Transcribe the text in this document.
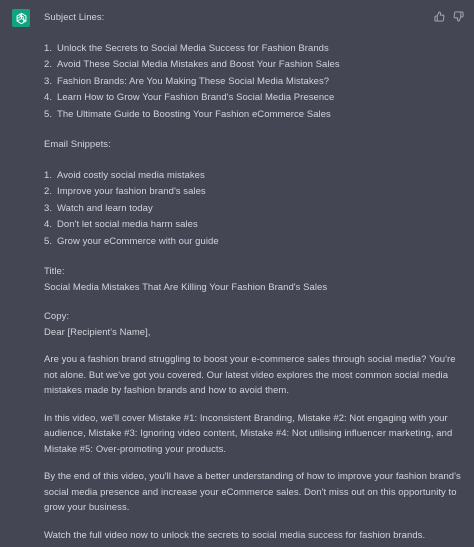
Subject Lines:

1. Unlock the Secrets to Social Media Success for Fashion Brands
2. Avoid These Social Media Mistakes and Boost Your Fashion Sales
3. Fashion Brands: Are You Making These Social Media Mistakes?
4. Learn How to Grow Your Fashion Brand's Social Media Presence
5. The Ultimate Guide to Boosting Your Fashion eCommerce Sales

Email Snippets:

1. Avoid costly social media mistakes
2. Improve your fashion brand's sales
3. Watch and learn today
4. Don't let social media harm sales
5. Grow your eCommerce with our guide

Title:

Social Media Mistakes That Are Killing Your Fashion Brand's Sales

Copy:

Dear [Recipient's Name],

Are you a fashion brand struggling to boost your e-commerce sales through social media? You're not alone. But we've got you covered. Our latest video explores the most common social media mistakes made by fashion brands and how to avoid them.

In this video, we'll cover Mistake #1: Inconsistent Branding, Mistake #2: Not engaging with your audience, Mistake #3: Ignoring video content, Mistake #4: Not utilising influencer marketing, and Mistake #5: Over-promoting your products.

By the end of this video, you'll have a better understanding of how to improve your fashion brand's social media presence and increase your eCommerce sales. Don't miss out on this opportunity to grow your business.

Watch the full video now to unlock the secrets to social media success for fashion brands.
